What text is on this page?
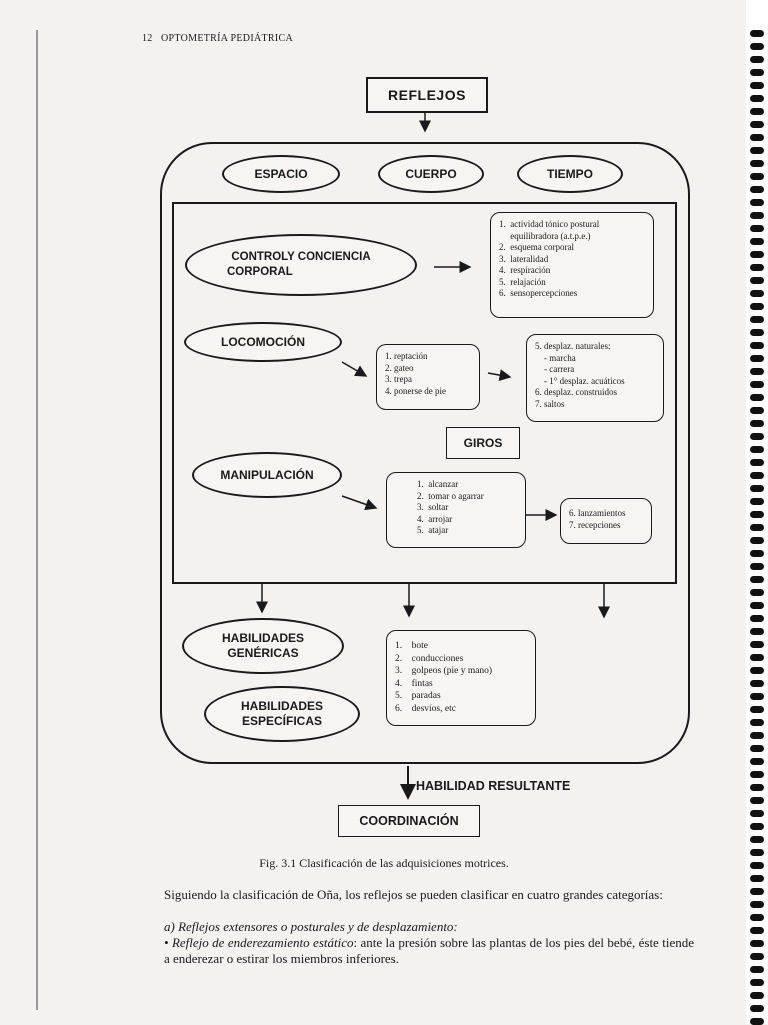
12 OPTOMETRÍA PEDIÁTRICA
REFLEJOS
ESPACIO	CUERPO	TIEMPO
CONTROLY CONCIENCIA
CORPORAL
1.  actividad tónico postural
equilibradora (a.t.p.e.)
2.  esquema corporal
3.  lateralidad
4.  respiración
5.  relajación
6.  sensopercepciones
LOCOMOCIÓN
1. reptación
2. gateo
3. trepa
4. ponerse de pie
5. desplaz. naturales:
- marcha
- carrera
- 1° desplaz. acuáticos
6. desplaz. construidos
7. saltos
GIROS
MANIPULACIÓN
1.  alcanzar
2.  tomar o agarrar
3.  soltar
4.  arrojar
5.  atajar
6. lanzamientos
7. recepciones
HABILIDADES
GENÉRICAS
HABILIDADES
ESPECÍFICAS
1.    bote
2.    conducciones
3.    golpeos (pie y mano)
4.    fintas
5.    paradas
6.    desvíos, etc
HABILIDAD RESULTANTE
COORDINACIÓN
Fig. 3.1 Clasificación de las adquisiciones motrices.
Siguiendo la clasificación de Oña, los reflejos se pueden clasificar en cuatro grandes categorías:
a) Reflejos extensores o posturales y de desplazamiento:
• Reflejo de enderezamiento estático: ante la presión sobre las plantas de los pies del bebé, éste tiende a enderezar o estirar los miembros inferiores.
